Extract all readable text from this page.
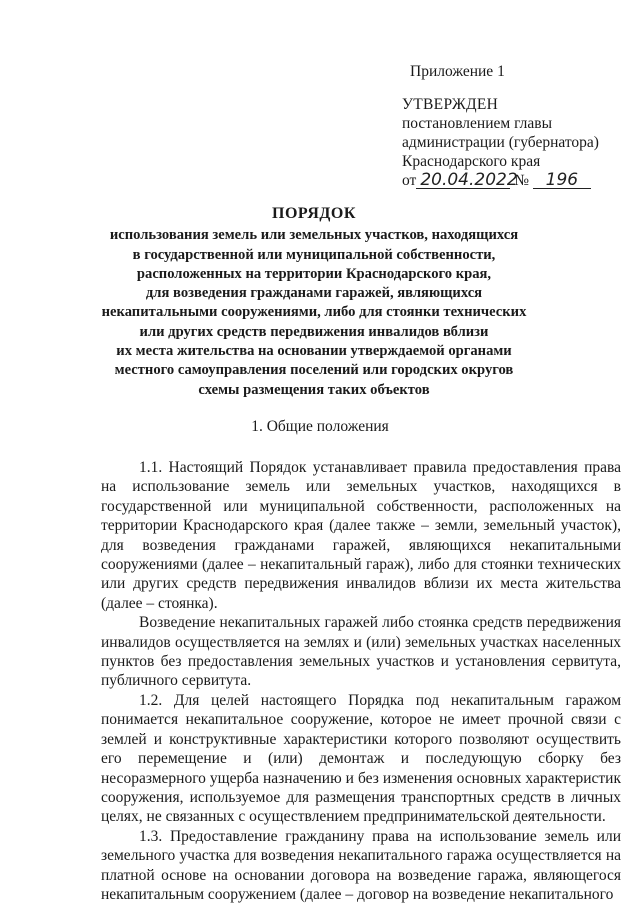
Приложение 1
УТВЕРЖДЕН
постановлением главы
администрации (губернатора)
Краснодарского края
от 20.04.2022 № 196
ПОРЯДОК
использования земель или земельных участков, находящихся
в государственной или муниципальной собственности,
расположенных на территории Краснодарского края,
для возведения гражданами гаражей, являющихся
некапитальными сооружениями, либо для стоянки технических
или других средств передвижения инвалидов вблизи
их места жительства на основании утверждаемой органами
местного самоуправления поселений или городских округов
схемы размещения таких объектов
1. Общие положения

1.1. Настоящий Порядок устанавливает правила предоставления права на использование земель или земельных участков, находящихся в государственной или муниципальной собственности, расположенных на территории Краснодарского края (далее также – земли, земельный участок), для возведения гражданами гаражей, являющихся некапитальными сооружениями (далее – некапитальный гараж), либо для стоянки технических или других средств передвижения инвалидов вблизи их места жительства (далее – стоянка).

Возведение некапитальных гаражей либо стоянка средств передвижения инвалидов осуществляется на землях и (или) земельных участках населенных пунктов без предоставления земельных участков и установления сервитута, публичного сервитута.

1.2. Для целей настоящего Порядка под некапитальным гаражом понимается некапитальное сооружение, которое не имеет прочной связи с землей и конструктивные характеристики которого позволяют осуществить его перемещение и (или) демонтаж и последующую сборку без несоразмерного ущерба назначению и без изменения основных характеристик сооружения, используемое для размещения транспортных средств в личных целях, не связанных с осуществлением предпринимательской деятельности.

1.3. Предоставление гражданину права на использование земель или земельного участка для возведения некапитального гаража осуществляется на платной основе на основании договора на возведение гаража, являющегося некапитальным сооружением (далее – договор на возведение некапитального
